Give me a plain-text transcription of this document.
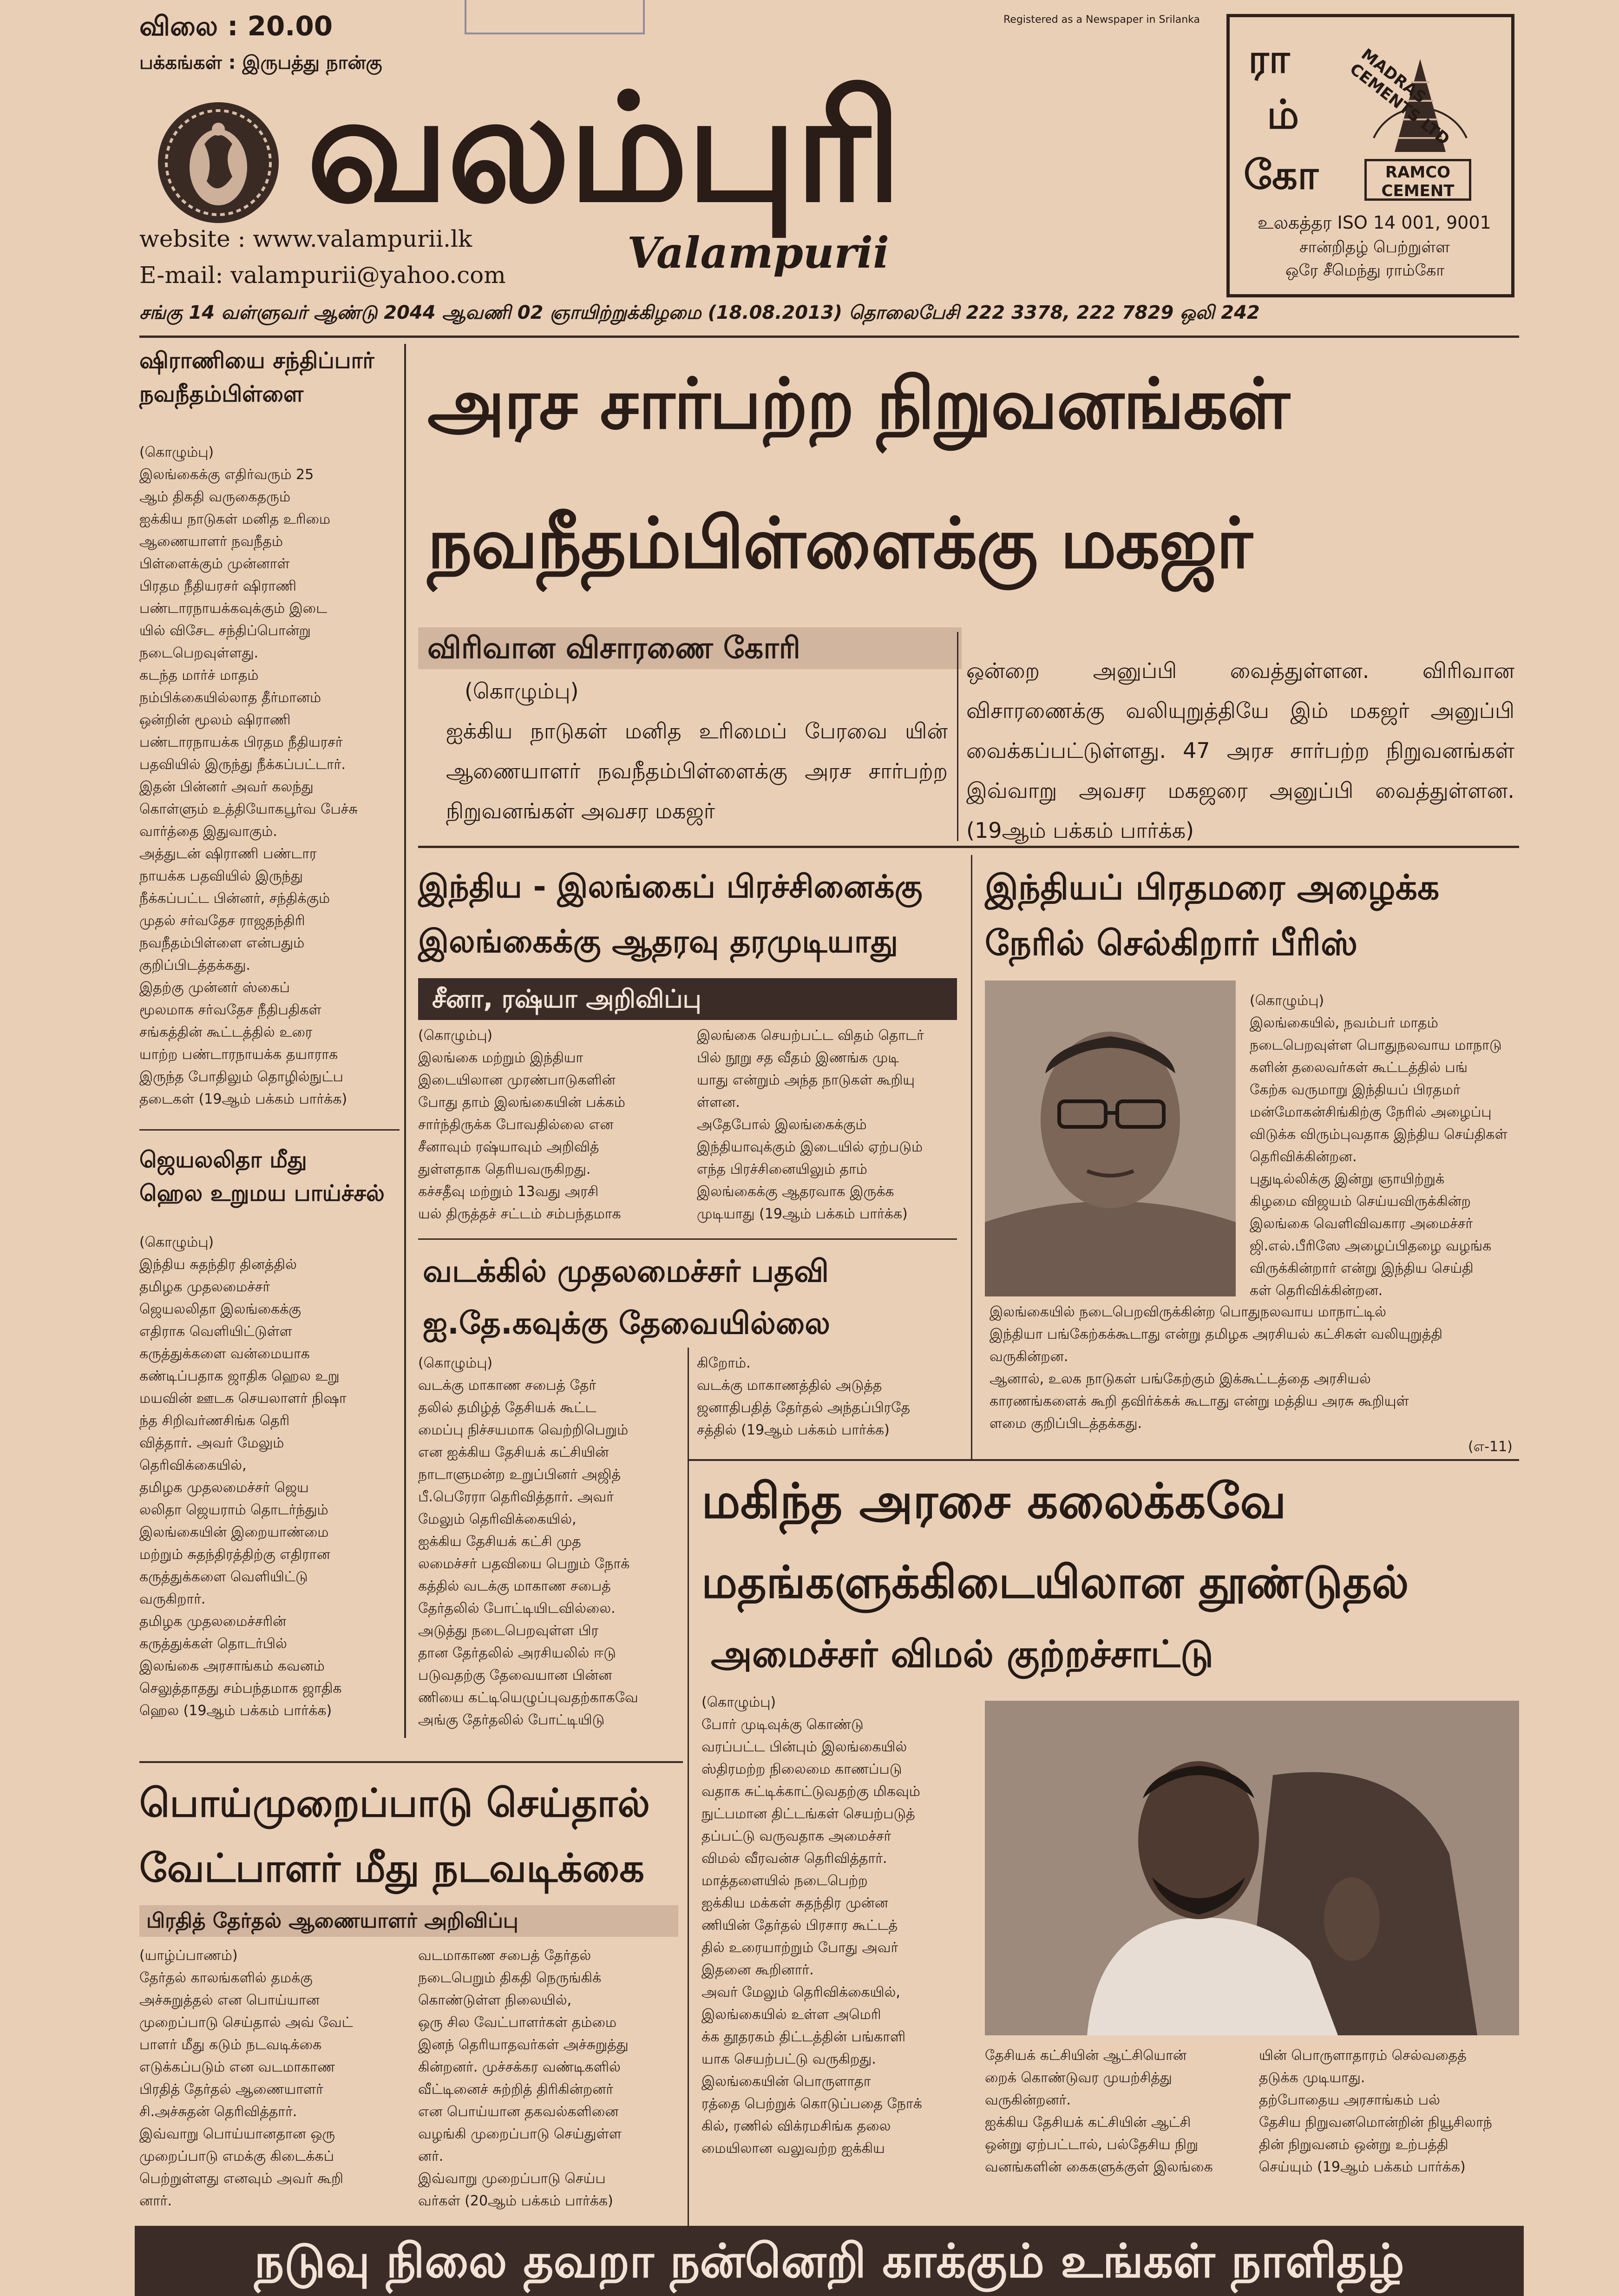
விலை : 20.00
பக்கங்கள் : இருபத்து நான்கு
வலம்புரி
Valampurii
website : www.valampurii.lk
E-mail: valampurii@yahoo.com
Registered as a Newspaper in Srilanka
ரா
ம்
கோ
MADRAS CEMENTS LTD
RAMCO CEMENT
உலகத்தர ISO 14 001, 9001
சான்றிதழ் பெற்றுள்ள
ஒரே சீமெந்து ராம்கோ
சங்கு 14 வள்ளுவர் ஆண்டு 2044 ஆவணி 02 ஞாயிற்றுக்கிழமை (18.08.2013) தொலைபேசி 222 3378, 222 7829 ஒலி 242
ஷிராணியை சந்திப்பார்
நவநீதம்பிள்ளை
(கொழும்பு)
இலங்கைக்கு எதிர்வரும் 25
ஆம் திகதி வருகைதரும்
ஐக்கிய நாடுகள் மனித உரிமை
ஆணையாளர் நவநீதம்
பிள்ளைக்கும் முன்னாள்
பிரதம நீதியரசர் ஷிராணி
பண்டாரநாயக்கவுக்கும் இடை
யில் விசேட சந்திப்பொன்று
நடைபெறவுள்ளது.
கடந்த மார்ச் மாதம்
நம்பிக்கையில்லாத தீர்மானம்
ஒன்றின் மூலம் ஷிராணி
பண்டாரநாயக்க பிரதம நீதியரசர்
பதவியில் இருந்து நீக்கப்பட்டார்.
இதன் பின்னர் அவர் கலந்து
கொள்ளும் உத்தியோகபூர்வ பேச்சு
வார்த்தை இதுவாகும்.
அத்துடன் ஷிராணி பண்டார
நாயக்க பதவியில் இருந்து
நீக்கப்பட்ட பின்னர், சந்திக்கும்
முதல் சர்வதேச ராஜதந்திரி
நவநீதம்பிள்ளை என்பதும்
குறிப்பிடத்தக்கது.
இதற்கு முன்னர் ஸ்கைப்
மூலமாக சர்வதேச நீதிபதிகள்
சங்கத்தின் கூட்டத்தில் உரை
யாற்ற பண்டாரநாயக்க தயாராக
இருந்த போதிலும் தொழில்நுட்ப
தடைகள் (19ஆம் பக்கம் பார்க்க)
ஜெயலலிதா மீது
ஹெல உறுமய பாய்ச்சல்
(கொழும்பு)
இந்திய சுதந்திர தினத்தில்
தமிழக முதலமைச்சர்
ஜெயலலிதா இலங்கைக்கு
எதிராக வெளியிட்டுள்ள
கருத்துக்களை வன்மையாக
கண்டிப்பதாக ஜாதிக ஹெல உறு
மயவின் ஊடக செயலாளர் நிஷா
ந்த சிறிவர்ணசிங்க தெரி
வித்தார். அவர் மேலும்
தெரிவிக்கையில்,
தமிழக முதலமைச்சர் ஜெய
லலிதா ஜெயராம் தொடர்ந்தும்
இலங்கையின் இறையாண்மை
மற்றும் சுதந்திரத்திற்கு எதிரான
கருத்துக்களை வெளியிட்டு
வருகிறார்.
தமிழக முதலமைச்சரின்
கருத்துக்கள் தொடர்பில்
இலங்கை அரசாங்கம் கவனம்
செலுத்தாதது சம்பந்தமாக ஜாதிக
ஹெல (19ஆம் பக்கம் பார்க்க)
அரச சார்பற்ற நிறுவனங்கள்
நவநீதம்பிள்ளைக்கு மகஜர்
விரிவான விசாரணை கோரி
(கொழும்பு)
ஐக்கிய நாடுகள் மனித உரிமைப் பேரவை யின் ஆணையாளர் நவநீதம்பிள்ளைக்கு அரச சார்பற்ற நிறுவனங்கள் அவசர மகஜர்
ஒன்றை அனுப்பி வைத்துள்ளன. விரிவான விசாரணைக்கு வலியுறுத்தியே இம் மகஜர் அனுப்பி வைக்கப்பட்டுள்ளது. 47 அரச சார்பற்ற நிறுவனங்கள் இவ்வாறு அவசர மகஜரை அனுப்பி வைத்துள்ளன. (19ஆம் பக்கம் பார்க்க)
இந்திய - இலங்கைப் பிரச்சினைக்கு
இலங்கைக்கு ஆதரவு தரமுடியாது
சீனா, ரஷ்யா அறிவிப்பு
(கொழும்பு)
இலங்கை மற்றும் இந்தியா
இடையிலான முரண்பாடுகளின்
போது தாம் இலங்கையின் பக்கம்
சார்ந்திருக்க போவதில்லை என
சீனாவும் ரஷ்யாவும் அறிவித்
துள்ளதாக தெரியவருகிறது.
கச்சதீவு மற்றும் 13வது அரசி
யல் திருத்தச் சட்டம் சம்பந்தமாக
இலங்கை செயற்பட்ட விதம் தொடர்
பில் நூறு சத வீதம் இணங்க முடி
யாது என்றும் அந்த நாடுகள் கூறியு
ள்ளன.
அதேபோல் இலங்கைக்கும்
இந்தியாவுக்கும் இடையில் ஏற்படும்
எந்த பிரச்சினையிலும் தாம்
இலங்கைக்கு ஆதரவாக இருக்க
முடியாது (19ஆம் பக்கம் பார்க்க)
இந்தியப் பிரதமரை அழைக்க
நேரில் செல்கிறார் பீரிஸ்
(கொழும்பு)
இலங்கையில், நவம்பர் மாதம்
நடைபெறவுள்ள பொதுநலவாய மாநாடு
களின் தலைவர்கள் கூட்டத்தில் பங்
கேற்க வருமாறு இந்தியப் பிரதமர்
மன்மோகன்சிங்கிற்கு நேரில் அழைப்பு
விடுக்க விரும்புவதாக இந்திய செய்திகள்
தெரிவிக்கின்றன.
புதுடில்லிக்கு இன்று ஞாயிற்றுக்
கிழமை விஜயம் செய்யவிருக்கின்ற
இலங்கை வெளிவிவகார அமைச்சர்
ஜி.எல்.பீரிஸே அழைப்பிதழை வழங்க
விருக்கின்றார் என்று இந்திய செய்தி
கள் தெரிவிக்கின்றன.
இலங்கையில் நடைபெறவிருக்கின்ற பொதுநலவாய மாநாட்டில்
இந்தியா பங்கேற்கக்கூடாது என்று தமிழக அரசியல் கட்சிகள் வலியுறுத்தி
வருகின்றன.
ஆனால், உலக நாடுகள் பங்கேற்கும் இக்கூட்டத்தை அரசியல்
காரணங்களைக் கூறி தவிர்க்கக் கூடாது என்று மத்திய அரசு கூறியுள்
ளமை குறிப்பிடத்தக்கது.
(எ-11)
வடக்கில் முதலமைச்சர் பதவி
ஐ.தே.கவுக்கு தேவையில்லை
(கொழும்பு)
வடக்கு மாகாண சபைத் தேர்
தலில் தமிழ்த் தேசியக் கூட்ட
மைப்பு நிச்சயமாக வெற்றிபெறும்
என ஐக்கிய தேசியக் கட்சியின்
நாடாளுமன்ற உறுப்பினர் அஜித்
பீ.பெரேரா தெரிவித்தார். அவர்
மேலும் தெரிவிக்கையில்,
ஐக்கிய தேசியக் கட்சி முத
லமைச்சர் பதவியை பெறும் நோக்
கத்தில் வடக்கு மாகாண சபைத்
தேர்தலில் போட்டியிடவில்லை.
அடுத்து நடைபெறவுள்ள பிர
தான தேர்தலில் அரசியலில் ஈடு
படுவதற்கு தேவையான பின்ன
ணியை கட்டியெழுப்புவதற்காகவே
அங்கு தேர்தலில் போட்டியிடு
கிறோம்.
வடக்கு மாகாணத்தில் அடுத்த
ஜனாதிபதித் தேர்தல் அந்தப்பிரதே
சத்தில் (19ஆம் பக்கம் பார்க்க)
மகிந்த அரசை கலைக்கவே
மதங்களுக்கிடையிலான தூண்டுதல்
அமைச்சர் விமல் குற்றச்சாட்டு
(கொழும்பு)
போர் முடிவுக்கு கொண்டு
வரப்பட்ட பின்பும் இலங்கையில்
ஸ்திரமற்ற நிலைமை காணப்படு
வதாக சுட்டிக்காட்டுவதற்கு மிகவும்
நுட்பமான திட்டங்கள் செயற்படுத்
தப்பட்டு வருவதாக அமைச்சர்
விமல் வீரவன்ச தெரிவித்தார்.
மாத்தளையில் நடைபெற்ற
ஐக்கிய மக்கள் சுதந்திர முன்ன
ணியின் தேர்தல் பிரசார கூட்டத்
தில் உரையாற்றும் போது அவர்
இதனை கூறினார்.
அவர் மேலும் தெரிவிக்கையில்,
இலங்கையில் உள்ள அமெரி
க்க தூதரகம் திட்டத்தின் பங்காளி
யாக செயற்பட்டு வருகிறது.
இலங்கையின் பொருளாதா
ரத்தை பெற்றுக் கொடுப்பதை நோக்
கில், ரணில் விக்ரமசிங்க தலை
மையிலான வலுவற்ற ஐக்கிய
தேசியக் கட்சியின் ஆட்சியொன்
றைக் கொண்டுவர முயற்சித்து
வருகின்றனர்.
ஐக்கிய தேசியக் கட்சியின் ஆட்சி
ஒன்று ஏற்பட்டால், பல்தேசிய நிறு
வனங்களின் கைகளுக்குள் இலங்கை
யின் பொருளாதாரம் செல்வதைத்
தடுக்க முடியாது.
தற்போதைய அரசாங்கம் பல்
தேசிய நிறுவனமொன்றின் நியூசிலாந்
தின் நிறுவனம் ஒன்று உற்பத்தி
செய்யும் (19ஆம் பக்கம் பார்க்க)
பொய்முறைப்பாடு செய்தால்
வேட்பாளர் மீது நடவடிக்கை
பிரதித் தேர்தல் ஆணையாளர் அறிவிப்பு
(யாழ்ப்பாணம்)
தேர்தல் காலங்களில் தமக்கு
அச்சுறுத்தல் என பொய்யான
முறைப்பாடு செய்தால் அவ் வேட்
பாளர் மீது கடும் நடவடிக்கை
எடுக்கப்படும் என வடமாகாண
பிரதித் தேர்தல் ஆணையாளர்
சி.அச்சுதன் தெரிவித்தார்.
இவ்வாறு பொய்யானதான ஒரு
முறைப்பாடு எமக்கு கிடைக்கப்
பெற்றுள்ளது எனவும் அவர் கூறி
னார்.
வடமாகாண சபைத் தேர்தல்
நடைபெறும் திகதி நெருங்கிக்
கொண்டுள்ள நிலையில்,
ஒரு சில வேட்பாளர்கள் தம்மை
இனந் தெரியாதவர்கள் அச்சுறுத்து
கின்றனர். முச்சக்கர வண்டிகளில்
வீட்டினைச் சுற்றித் திரிகின்றனர்
என பொய்யான தகவல்களினை
வழங்கி முறைப்பாடு செய்துள்ள
னர்.
இவ்வாறு முறைப்பாடு செய்ப
வர்கள் (20ஆம் பக்கம் பார்க்க)
நடுவு நிலை தவறா நன்னெறி காக்கும் உங்கள் நாளிதழ்
